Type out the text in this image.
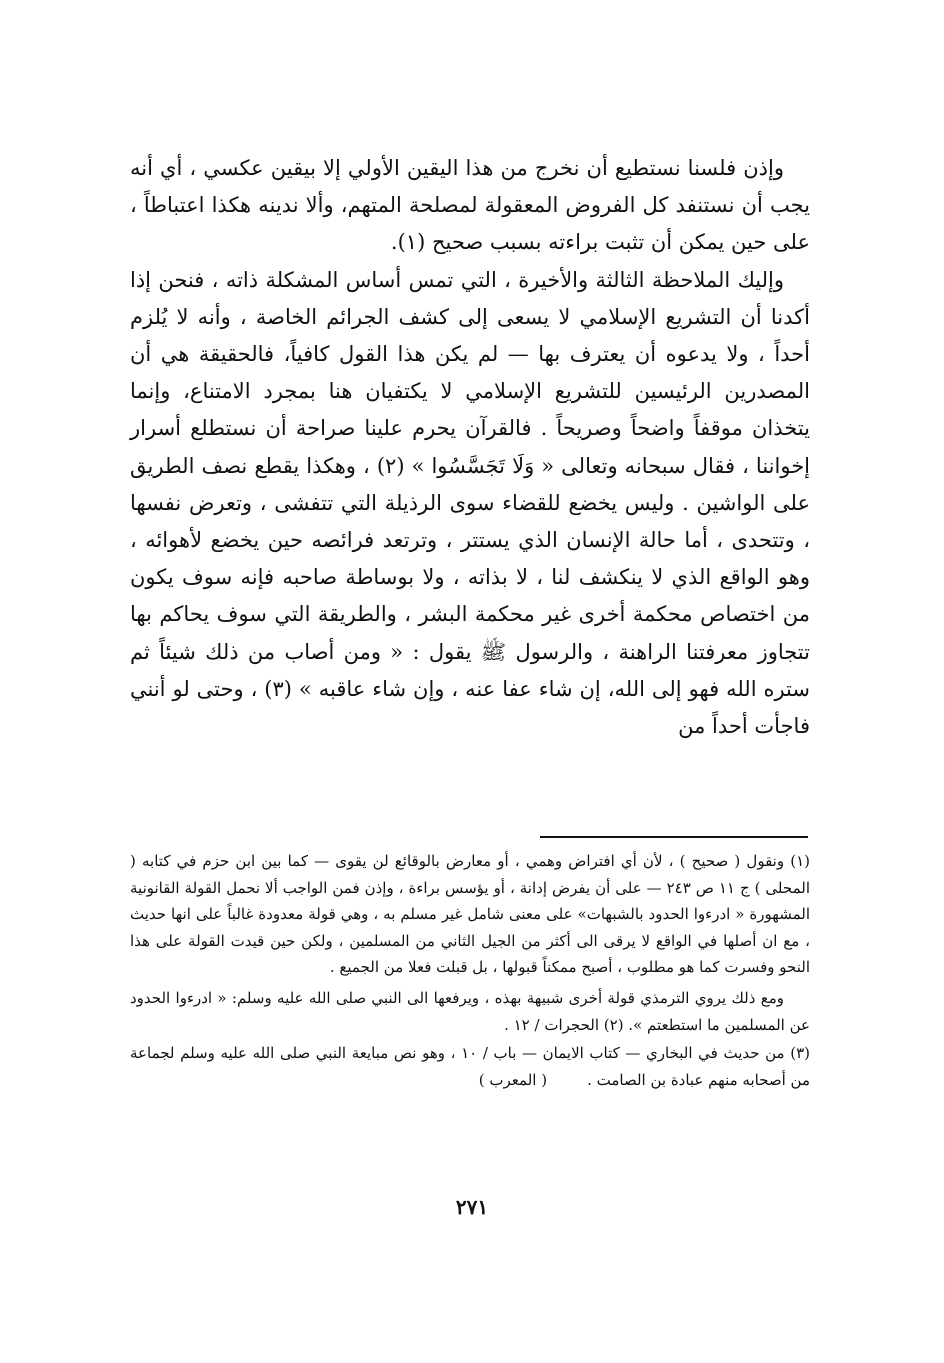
وإذن فلسنا نستطيع أن نخرج من هذا اليقين الأولي إلا بيقين عكسي ، أي أنه يجب أن نستنفد كل الفروض المعقولة لمصلحة المتهم، وألا ندينه هكذا اعتباطاً ، على حين يمكن أن تثبت براءته بسبب صحيح (١).

وإليك الملاحظة الثالثة والأخيرة ، التي تمس أساس المشكلة ذاته ، فنحن إذا أكدنا أن التشريع الإسلامي لا يسعى إلى كشف الجرائم الخاصة ، وأنه لا يُلزم أحداً ، ولا يدعوه أن يعترف بها — لم يكن هذا القول كافياً، فالحقيقة هي أن المصدرين الرئيسين للتشريع الإسلامي لا يكتفيان هنا بمجرد الامتناع، وإنما يتخذان موقفاً واضحاً وصريحاً . فالقرآن يحرم علينا صراحة أن نستطلع أسرار إخواننا ، فقال سبحانه وتعالى « وَلَا تَجَسَّسُوا » (٢) ، وهكذا يقطع نصف الطريق على الواشين . وليس يخضع للقضاء سوى الرذيلة التي تتفشى ، وتعرض نفسها ، وتتحدى ، أما حالة الإنسان الذي يستتر ، وترتعد فرائصه حين يخضع لأهوائه ، وهو الواقع الذي لا ينكشف لنا ، لا بذاته ، ولا بوساطة صاحبه فإنه سوف يكون من اختصاص محكمة أخرى غير محكمة البشر ، والطريقة التي سوف يحاكم بها تتجاوز معرفتنا الراهنة ، والرسول ﷺ يقول : « ومن أصاب من ذلك شيئاً ثم ستره الله فهو إلى الله، إن شاء عفا عنه ، وإن شاء عاقبه » (٣) ، وحتى لو أنني فاجأت أحداً من

(١) ونقول ( صحيح ) ، لأن أي افتراض وهمي ، أو معارض بالوقائع لن يقوى — كما بين ابن حزم في كتابه ( المحلى ) ج ١١ ص ٢٤٣ — على أن يفرض إدانة ، أو يؤسس براءة ، وإذن فمن الواجب ألا نحمل القولة القانونية المشهورة « ادرءوا الحدود بالشبهات» على معنى شامل غير مسلم به ، وهي قولة معدودة غالباً على انها حديث ، مع ان أصلها في الواقع لا يرقى الى أكثر من الجيل الثاني من المسلمين ، ولكن حين قيدت القولة على هذا النحو وفسرت كما هو مطلوب ، أصبح ممكناً قبولها ، بل قبلت فعلا من الجميع .

ومع ذلك يروي الترمذي قولة أخرى شبيهة بهذه ، ويرفعها الى النبي صلى الله عليه وسلم: « ادرءوا الحدود عن المسلمين ما استطعتم ». (٢) الحجرات / ١٢ .

(٣) من حديث في البخاري — كتاب الايمان — باب / ١٠ ، وهو نص مبايعة النبي صلى الله عليه وسلم لجماعة من أصحابه منهم عبادة بن الصامت .( المعرب )

٢٧١
